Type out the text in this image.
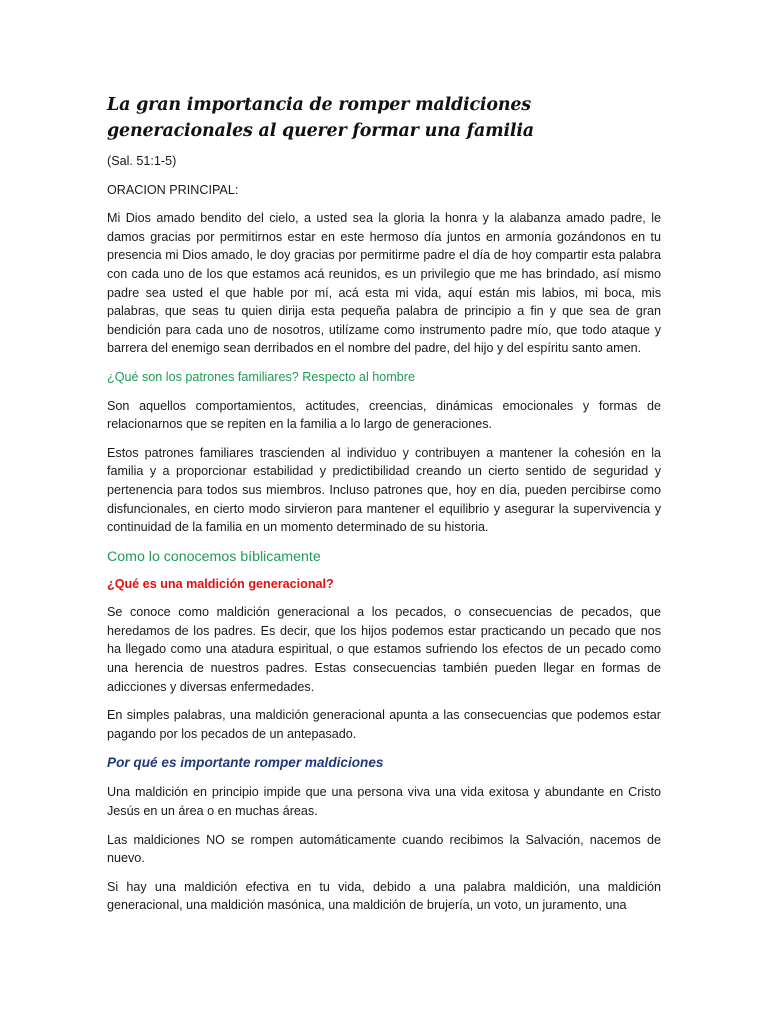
La gran importancia de romper maldiciones generacionales al querer formar una familia
(Sal. 51:1-5)
ORACION PRINCIPAL:
Mi Dios amado bendito del cielo, a usted sea la gloria la honra y la alabanza amado padre, le damos gracias por permitirnos estar en este hermoso día juntos en armonía gozándonos en tu presencia mi Dios amado, le doy gracias por permitirme padre el día de hoy compartir esta palabra con cada uno de los que estamos acá reunidos, es un privilegio que me has brindado, así mismo padre sea usted el que hable por mí, acá esta mi vida, aquí están mis labios, mi boca, mis palabras, que seas tu quien dirija esta pequeña palabra de principio a fin y que sea de gran bendición para cada uno de nosotros, utilízame como instrumento padre mío, que todo ataque y barrera del enemigo sean derribados en el nombre del padre, del hijo y del espíritu santo amen.
¿Qué son los patrones familiares? Respecto al hombre
Son aquellos comportamientos, actitudes, creencias, dinámicas emocionales y formas de relacionarnos que se repiten en la familia a lo largo de generaciones.
Estos patrones familiares trascienden al individuo y contribuyen a mantener la cohesión en la familia y a proporcionar estabilidad y predictibilidad creando un cierto sentido de seguridad y pertenencia para todos sus miembros. Incluso patrones que, hoy en día, pueden percibirse como disfuncionales, en cierto modo sirvieron para mantener el equilibrio y asegurar la supervivencia y continuidad de la familia en un momento determinado de su historia.
Como lo conocemos bíblicamente
¿Qué es una maldición generacional?
Se conoce como maldición generacional a los pecados, o consecuencias de pecados, que heredamos de los padres. Es decir, que los hijos podemos estar practicando un pecado que nos ha llegado como una atadura espiritual, o que estamos sufriendo los efectos de un pecado como una herencia de nuestros padres. Estas consecuencias también pueden llegar en formas de adicciones y diversas enfermedades.
En simples palabras, una maldición generacional apunta a las consecuencias que podemos estar pagando por los pecados de un antepasado.
Por qué es importante romper maldiciones
Una maldición en principio impide que una persona viva una vida exitosa y abundante en Cristo Jesús en un área o en muchas áreas.
Las maldiciones NO se rompen automáticamente cuando recibimos la Salvación, nacemos de nuevo.
Si hay una maldición efectiva en tu vida, debido a una palabra maldición, una maldición generacional, una maldición masónica, una maldición de brujería, un voto, un juramento, una
